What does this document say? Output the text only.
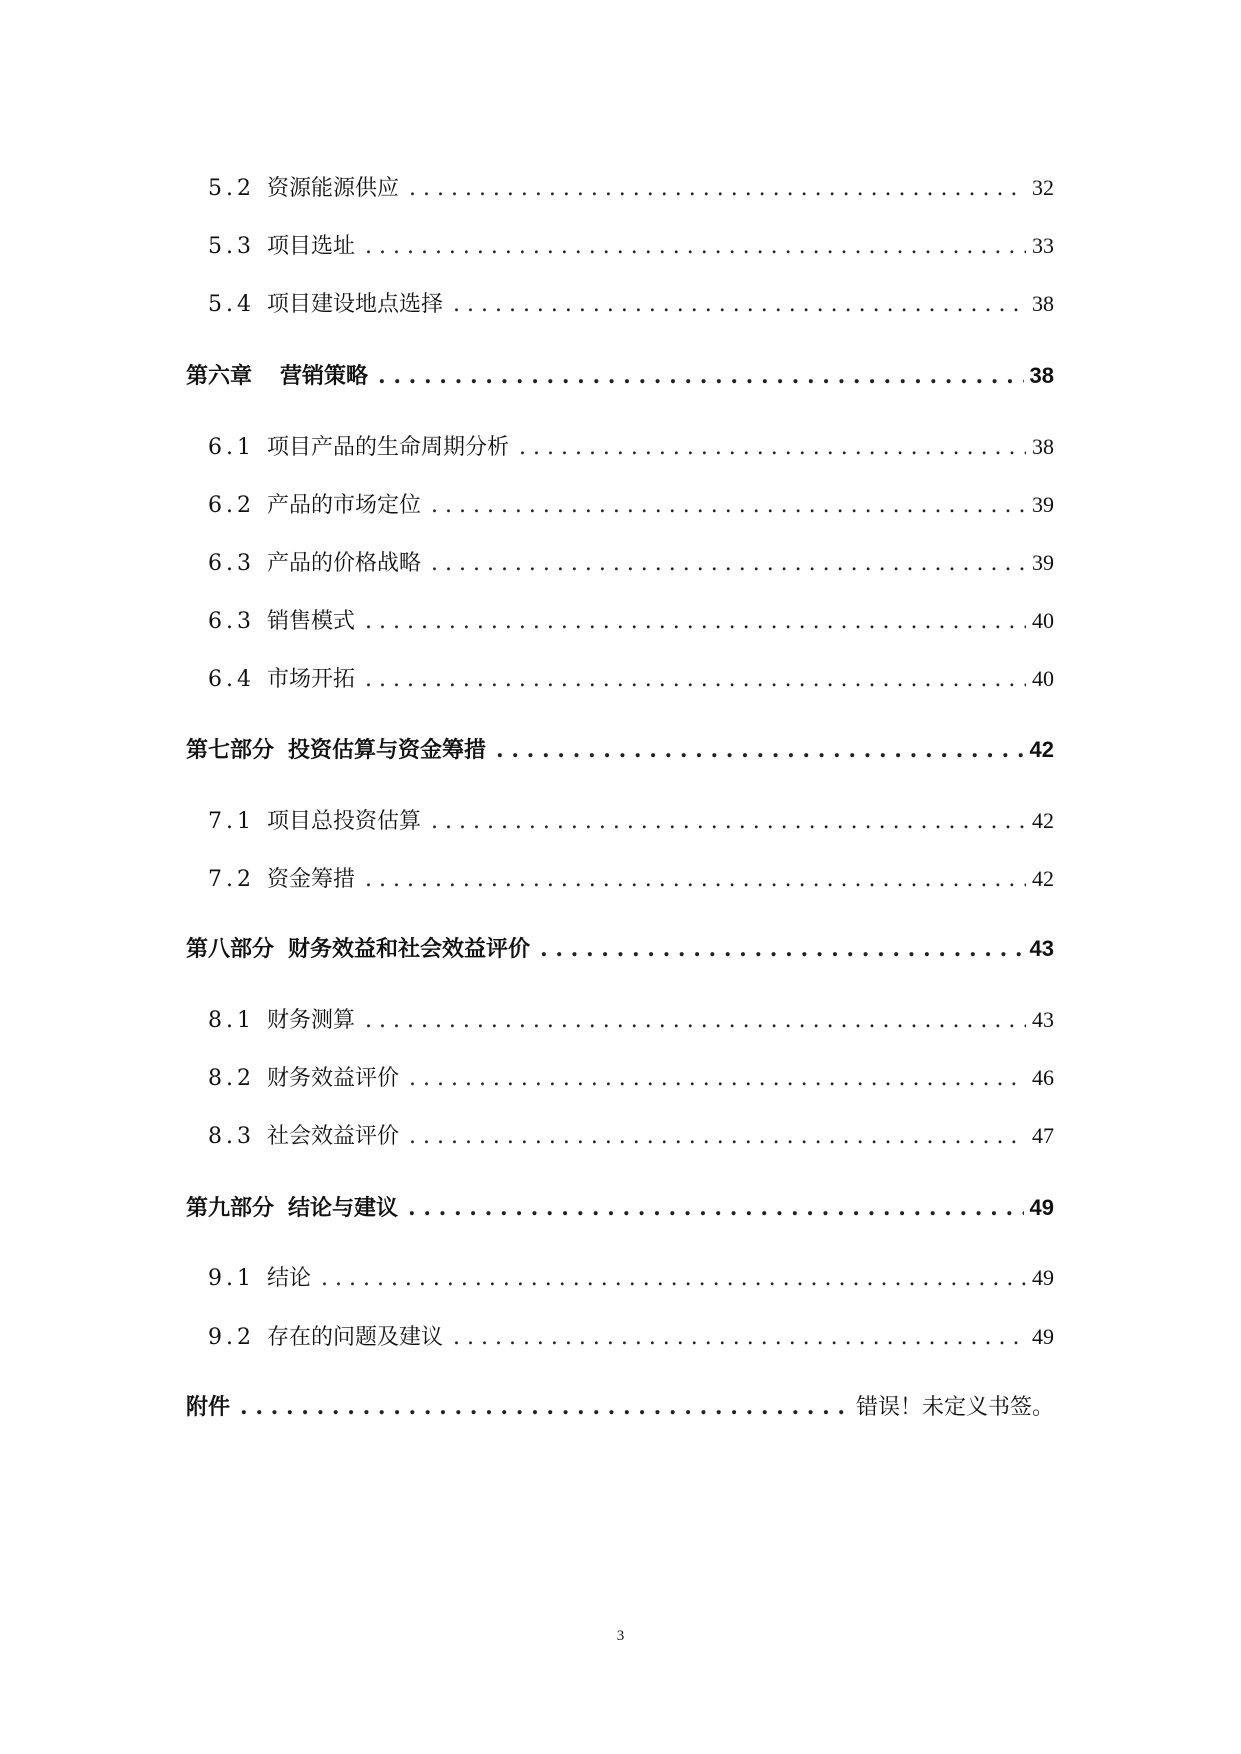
5.2 资源能源供应 . . .	32
5.3 项目选址 . . .	33
5.4 项目建设地点选择 . . .	38
第六章 营销策略 . . .	38
6.1 项目产品的生命周期分析 . . .	38
6.2 产品的市场定位 . . .	39
6.3 产品的价格战略 . . .	39
6.3 销售模式 . . .	40
6.4 市场开拓 . . .	40
第七部分 投资估算与资金筹措 . . .	42
7.1 项目总投资估算 . . .	42
7.2 资金筹措 . . .	42
第八部分 财务效益和社会效益评价 . . .	43
8.1 财务测算 . . .	43
8.2 财务效益评价 . . .	46
8.3 社会效益评价 . . .	47
第九部分 结论与建议 . . .	49
9.1 结论 . . .	49
9.2 存在的问题及建议 . . .	49
附件 . . .	错误！未定义书签。
3
